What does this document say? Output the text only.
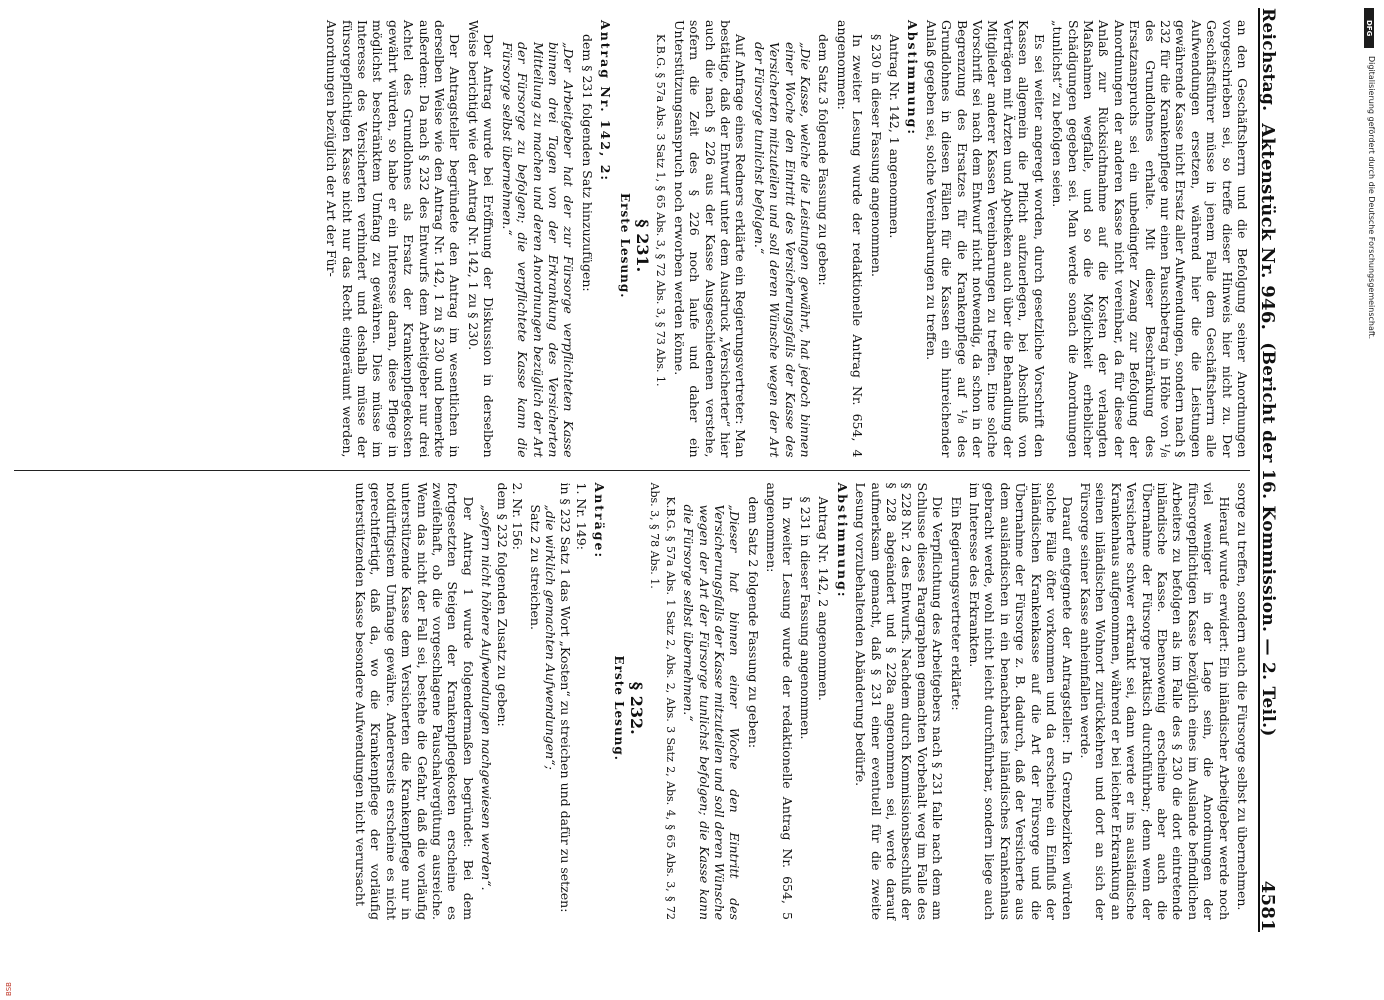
Reichstag.
Aktenstück Nr. 946.
(Bericht der 16. Kommission. — 2. Teil.)
4581

an den Geschäftsherrn und die Befolgung seiner Anordnungen vorgeschrieben sei, so treffe dieser Hinweis hier nicht zu. Der Geschäftsführer müsse in jenem Falle dem Geschäftsherrn alle Aufwendungen ersetzen, während hier die die Leistungen gewährende Kasse nicht Ersatz aller Aufwendungen, sondern nach § 232 für die Krankenpflege nur einen Pauschbetrag in Höhe von ¹/₈ des Grundlohnes erhalte. Mit dieser Beschränkung des Ersatzanspruchs sei ein unbedingter Zwang zur Befolgung der Anordnungen der anderen Kasse nicht vereinbar, da für diese der Anlaß zur Rücksichtnahme auf die Kosten der verlangten Maßnahmen wegfalle, und so die Möglichkeit erheblicher Schädigungen gegeben sei. Man werde sonach die Anordnungen „tunlichst“ zu befolgen seien.

Es sei weiter angeregt worden, durch gesetzliche Vorschrift den Kassen allgemein die Pflicht aufzuerlegen, bei Abschluß von Verträgen mit Ärzten und Apotheken auch über die Behandlung der Mitglieder anderer Kassen Vereinbarungen zu treffen. Eine solche Vorschrift sei nach dem Entwurf nicht notwendig, da schon in der Begrenzung des Ersatzes für die Krankenpflege auf ¹/₈ des Grundlohnes in diesen Fällen für die Kassen ein hinreichender Anlaß gegeben sei, solche Vereinbarungen zu treffen.

Abstimmung:

Antrag Nr. 142, 1 angenommen.

§ 230 in dieser Fassung angenommen.

In zweiter Lesung wurde der redaktionelle Antrag Nr. 654, 4 angenommen:

dem Satz 3 folgende Fassung zu geben:

„Die Kasse, welche die Leistungen gewährt, hat jedoch binnen einer Woche den Eintritt des Versicherungsfalls der Kasse des Versicherten mitzuteilen und soll deren Wünsche wegen der Art der Fürsorge tunlichst befolgen.“

Auf Anfrage eines Redners erklärte ein Regierungsvertreter: Man bestätige, daß der Entwurf unter dem Ausdruck „Versicherter“ hier auch die nach § 226 aus der Kasse Ausgeschiedenen verstehe, sofern die Zeit des § 226 noch laufe und daher ein Unterstützungsanspruch noch erworben werden könne.

K.B.G. § 57a Abs. 3 Satz 1, § 65 Abs. 3, § 72 Abs. 3, § 73 Abs. 1.

§ 231.

Erste Lesung.

Antrag Nr. 142, 2:

dem § 231 folgenden Satz hinzuzufügen:

„Der Arbeitgeber hat der zur Fürsorge verpflichteten Kasse binnen drei Tagen von der Erkrankung des Versicherten Mitteilung zu machen und deren Anordnungen bezüglich der Art der Fürsorge zu befolgen; die verpflichtete Kasse kann die Fürsorge selbst übernehmen.“

Der Antrag wurde bei Eröffnung der Diskussion in derselben Weise berichtigt wie der Antrag Nr. 142, 1 zu § 230.

Der Antragsteller begründete den Antrag im wesentlichen in derselben Weise wie den Antrag Nr. 142, 1 zu § 230 und bemerkte außerdem: Da nach § 232 des Entwurfs dem Arbeitgeber nur drei Achtel des Grundlohnes als Ersatz der Krankenpflegekosten gewährt würden, so habe er ein Interesse daran, diese Pflege in möglichst beschränktem Umfang zu gewähren. Dies müsse im Interesse des Versicherten verhindert und deshalb müsse der fürsorgepflichtigen Kasse nicht nur das Recht eingeräumt werden, Anordnungen bezüglich der Art der Für-

sorge zu treffen, sondern auch die Fürsorge selbst zu übernehmen.

Hierauf wurde erwidert: Ein inländischer Arbeitgeber werde noch viel weniger in der Lage sein, die Anordnungen der fürsorgepflichtigen Kasse bezüglich eines im Auslande befindlichen Arbeiters zu befolgen als im Falle des § 230 die dort eintretende inländische Kasse. Ebensowenig erscheine aber auch die Übernahme der Fürsorge praktisch durchführbar; denn wenn der Versicherte schwer erkrankt sei, dann werde er ins ausländische Krankenhaus aufgenommen, während er bei leichter Erkrankung an seinen inländischen Wohnort zurückkehren und dort an sich der Fürsorge seiner Kasse anheimfallen werde.

Darauf entgegnete der Antragsteller: In Grenzbezirken würden solche Fälle öfter vorkommen und da erscheine ein Einfluß der inländischen Krankenkasse auf die Art der Fürsorge und die Übernahme der Fürsorge z. B. dadurch, daß der Versicherte aus dem ausländischen in ein benachbartes inländisches Krankenhaus gebracht werde, wohl nicht leicht durchführbar, sondern liege auch im Interesse des Erkrankten.

Ein Regierungsvertreter erklärte:

Die Verpflichtung des Arbeitgebers nach § 231 falle nach dem am Schlusse dieses Paragraphen gemachten Vorbehalt weg im Falle des § 228 Nr. 2 des Entwurfs. Nachdem durch Kommissionsbeschluß der § 228 abgeändert und § 228a angenommen sei, werde darauf aufmerksam gemacht, daß § 231 einer eventuell für die zweite Lesung vorzubehaltenden Abänderung bedürfe.

Abstimmung:

Antrag Nr. 142, 2 angenommen.

§ 231 in dieser Fassung angenommen.

In zweiter Lesung wurde der redaktionelle Antrag Nr. 654, 5 angenommen:

dem Satz 2 folgende Fassung zu geben:

„Dieser hat binnen einer Woche den Eintritt des Versicherungsfalls der Kasse mitzuteilen und soll deren Wünsche wegen der Art der Fürsorge tunlichst befolgen; die Kasse kann die Fürsorge selbst übernehmen.“

K.B.G. § 57a Abs. 1 Satz 2, Abs. 2, Abs. 3 Satz 2, Abs. 4, § 65 Abs. 3, § 72 Abs. 3, § 78 Abs. 1.

§ 232.

Erste Lesung.

Anträge:

1. Nr. 149:
in § 232 Satz 1 das Wort „Kosten“ zu streichen und dafür zu setzen:
„die wirklich gemachten Aufwendungen“;
Satz 2 zu streichen.
2. Nr. 156:
dem § 232 folgenden Zusatz zu geben:
„sofern nicht höhere Aufwendungen nachgewiesen werden“.

Der Antrag 1 wurde folgendermaßen begründet: Bei dem fortgesetzten Steigen der Krankenpflegekosten erscheine es zweifelhaft, ob die vorgeschlagene Pauschalvergütung ausreiche. Wenn das nicht der Fall sei, bestehe die Gefahr, daß die vorläufig unterstützende Kasse dem Versicherten die Krankenpflege nur in notdürftigstem Umfange gewähre. Andererseits erscheine es nicht gerechtfertigt, daß da, wo die Krankenpflege der vorläufig unterstützenden Kasse besondere Aufwendungen nicht verursacht

DFG
Digitalisierung gefördert durch die Deutsche Forschungsgemeinschaft.
BSB
